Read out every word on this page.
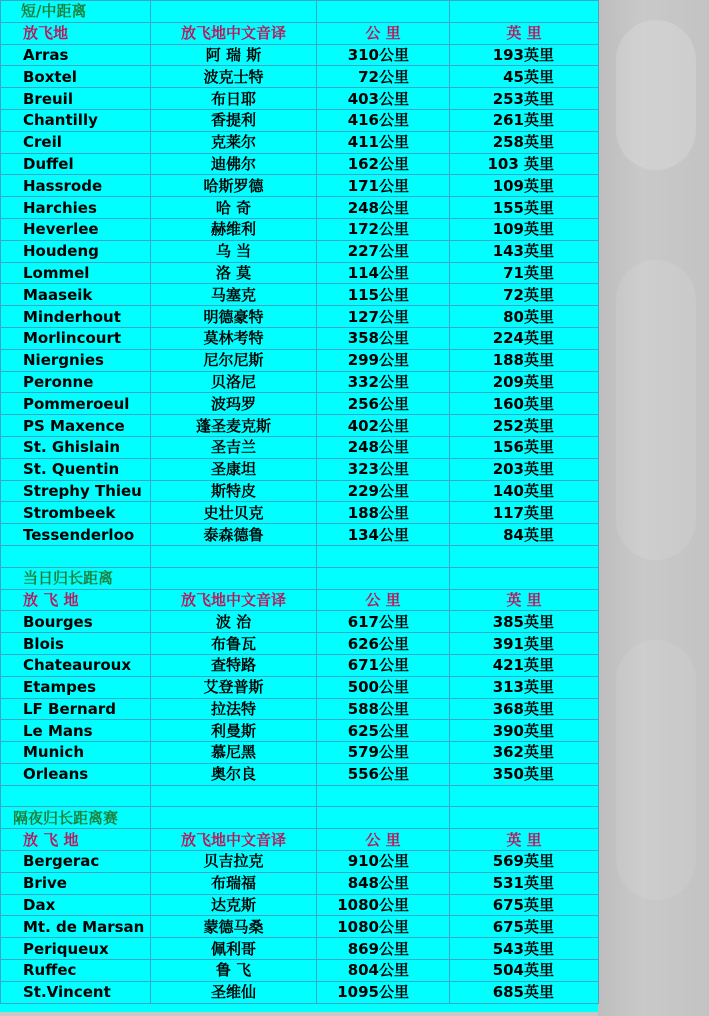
短/中距离			
放飞地	放飞地中文音译	公 里	英 里
Arras	阿 瑞 斯	310公里	193英里
Boxtel	波克士特	72公里	45英里
Breuil	布日耶	403公里	253英里
Chantilly	香提利	416公里	261英里
Creil	克莱尔	411公里	258英里
Duffel	迪佛尔	162公里	103 英里
Hassrode	哈斯罗德	171公里	109英里
Harchies	哈 奇	248公里	155英里
Heverlee	赫维利	172公里	109英里
Houdeng	乌 当	227公里	143英里
Lommel	洛 莫	114公里	71英里
Maaseik	马塞克	115公里	72英里
Minderhout	明德豪特	127公里	80英里
Morlincourt	莫林考特	358公里	224英里
Niergnies	尼尔尼斯	299公里	188英里
Peronne	贝洛尼	332公里	209英里
Pommeroeul	波玛罗	256公里	160英里
PS Maxence	蓬圣麦克斯	402公里	252英里
St. Ghislain	圣吉兰	248公里	156英里
St. Quentin	圣康坦	323公里	203英里
Strephy Thieu	斯特皮	229公里	140英里
Strombeek	史壮贝克	188公里	117英里
Tessenderloo	泰森德鲁	134公里	84英里

当日归长距离			
放 飞 地	放飞地中文音译	公 里	英 里
Bourges	波 治	617公里	385英里
Blois	布鲁瓦	626公里	391英里
Chateauroux	查特路	671公里	421英里
Etampes	艾登普斯	500公里	313英里
LF Bernard	拉法特	588公里	368英里
Le Mans	利曼斯	625公里	390英里
Munich	慕尼黑	579公里	362英里
Orleans	奥尔良	556公里	350英里

隔夜归长距离赛			
放 飞 地	放飞地中文音译	公 里	英 里
Bergerac	贝吉拉克	910公里	569英里
Brive	布瑞福	848公里	531英里
Dax	达克斯	1080公里	675英里
Mt. de Marsan	蒙德马桑	1080公里	675英里
Periqueux	佩利哥	869公里	543英里
Ruffec	鲁 飞	804公里	504英里
St.Vincent	圣维仙	1095公里	685英里
